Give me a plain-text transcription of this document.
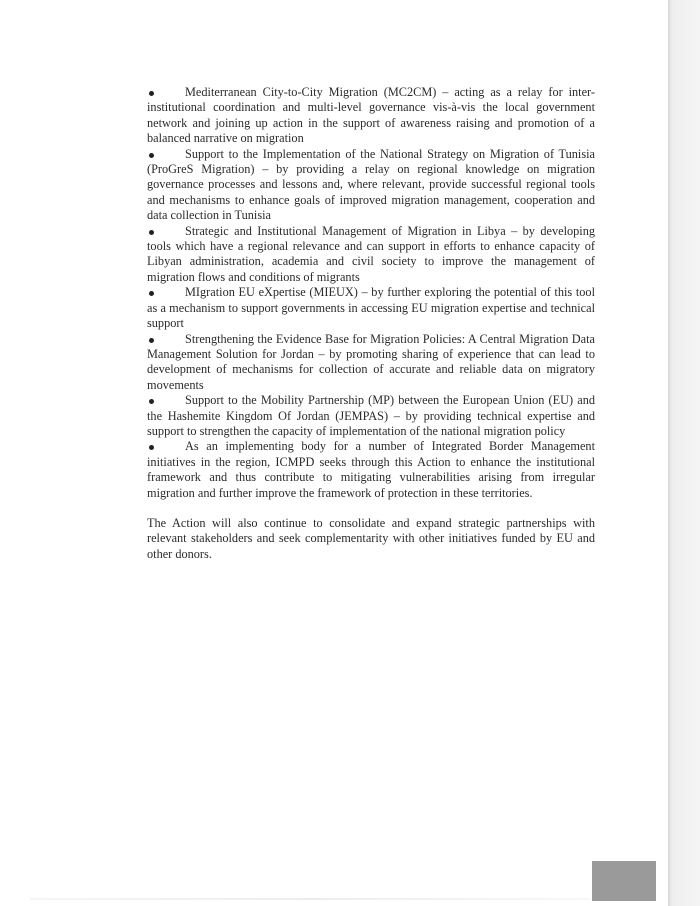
Mediterranean City-to-City Migration (MC2CM) – acting as a relay for inter-institutional coordination and multi-level governance vis-à-vis the local government network and joining up action in the support of awareness raising and promotion of a balanced narrative on migration
Support to the Implementation of the National Strategy on Migration of Tunisia (ProGreS Migration) – by providing a relay on regional knowledge on migration governance processes and lessons and, where relevant, provide successful regional tools and mechanisms to enhance goals of improved migration management, cooperation and data collection in Tunisia
Strategic and Institutional Management of Migration in Libya – by developing tools which have a regional relevance and can support in efforts to enhance capacity of Libyan administration, academia and civil society to improve the management of migration flows and conditions of migrants
MIgration EU eXpertise (MIEUX) – by further exploring the potential of this tool as a mechanism to support governments in accessing EU migration expertise and technical support
Strengthening the Evidence Base for Migration Policies: A Central Migration Data Management Solution for Jordan – by promoting sharing of experience that can lead to development of mechanisms for collection of accurate and reliable data on migratory movements
Support to the Mobility Partnership (MP) between the European Union (EU) and the Hashemite Kingdom Of Jordan (JEMPAS) – by providing technical expertise and support to strengthen the capacity of implementation of the national migration policy
As an implementing body for a number of Integrated Border Management initiatives in the region, ICMPD seeks through this Action to enhance the institutional framework and thus contribute to mitigating vulnerabilities arising from irregular migration and further improve the framework of protection in these territories.

The Action will also continue to consolidate and expand strategic partnerships with relevant stakeholders and seek complementarity with other initiatives funded by EU and other donors.
